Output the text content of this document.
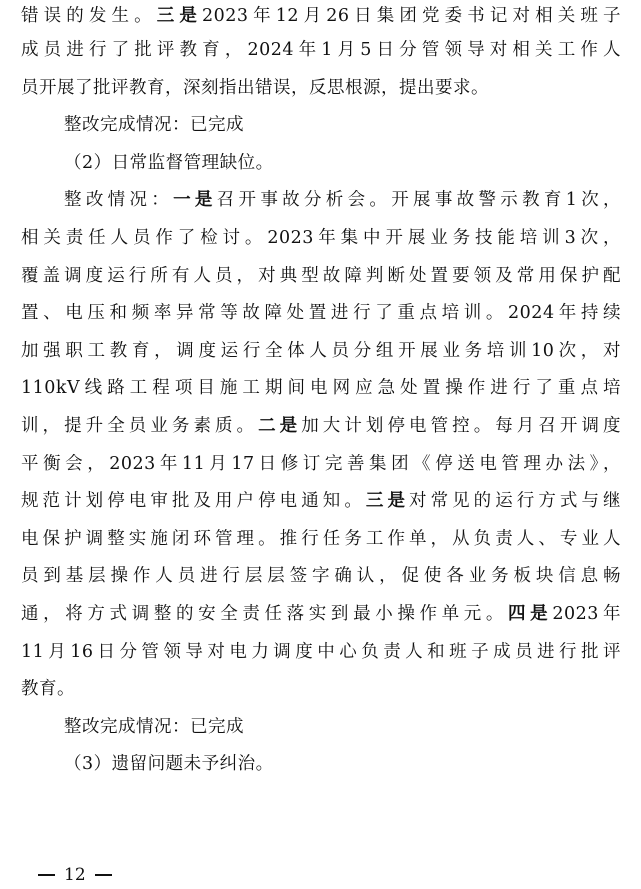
错误的发生。三是2023年12月26日集团党委书记对相关班子
成员进行了批评教育，2024年1月5日分管领导对相关工作人
员开展了批评教育，深刻指出错误，反思根源，提出要求。
整改完成情况：已完成
（2）日常监督管理缺位。
整改情况：一是召开事故分析会。开展事故警示教育1次，
相关责任人员作了检讨。2023年集中开展业务技能培训3次，
覆盖调度运行所有人员，对典型故障判断处置要领及常用保护配
置、电压和频率异常等故障处置进行了重点培训。2024年持续
加强职工教育，调度运行全体人员分组开展业务培训10次，对
110kV线路工程项目施工期间电网应急处置操作进行了重点培
训，提升全员业务素质。二是加大计划停电管控。每月召开调度
平衡会，2023年11月17日修订完善集团《停送电管理办法》，
规范计划停电审批及用户停电通知。三是对常见的运行方式与继
电保护调整实施闭环管理。推行任务工作单，从负责人、专业人
员到基层操作人员进行层层签字确认，促使各业务板块信息畅
通，将方式调整的安全责任落实到最小操作单元。四是2023年
11月16日分管领导对电力调度中心负责人和班子成员进行批评
教育。
整改完成情况：已完成
（3）遗留问题未予纠治。
12
